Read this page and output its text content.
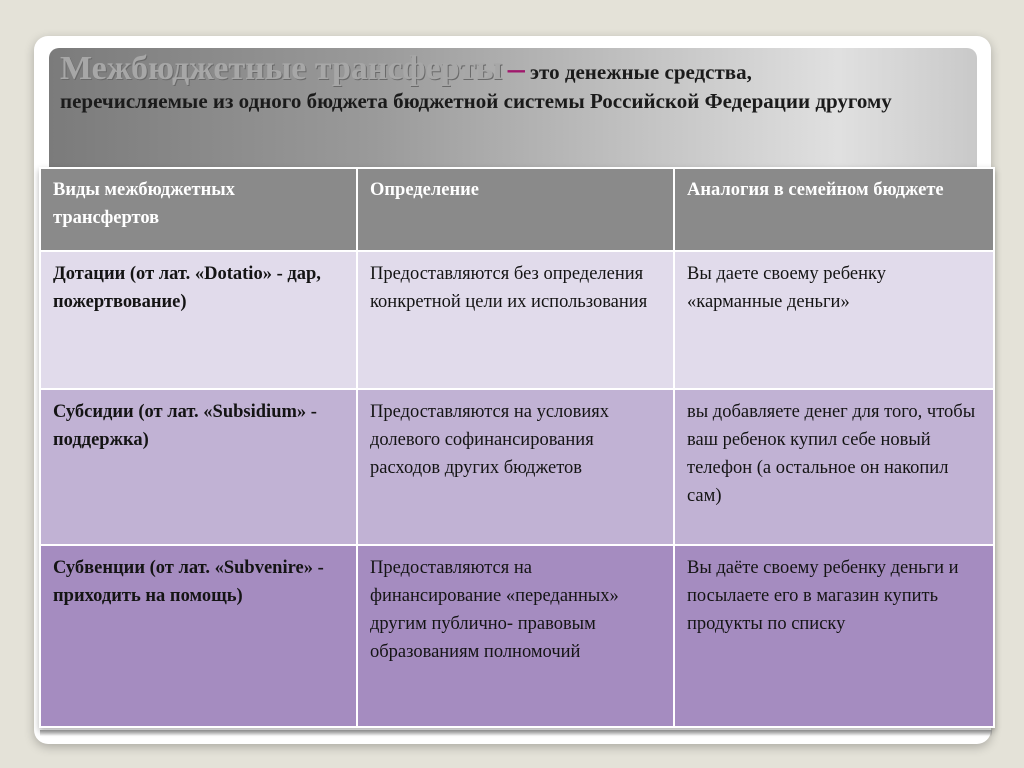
Межбюджетные трансферты – это денежные средства,
перечисляемые из одного бюджета бюджетной системы Российской Федерации другому
Виды межбюджетных трансфертов	Определение	Аналогия в семейном бюджете
Дотации (от лат. «Dotatio» - дар, пожертвование)	Предоставляются без определения конкретной цели их использования	Вы даете своему ребенку «карманные деньги»
Субсидии (от лат. «Subsidium» - поддержка)	Предоставляются на условиях долевого софинансирования расходов других бюджетов	вы добавляете денег для того, чтобы ваш ребенок купил себе новый телефон (а остальное он накопил сам)
Субвенции (от лат. «Subvenire» - приходить на помощь)	Предоставляются на финансирование «переданных» другим публично- правовым образованиям полномочий	Вы даёте своему ребенку деньги и посылаете его в магазин купить продукты по списку
